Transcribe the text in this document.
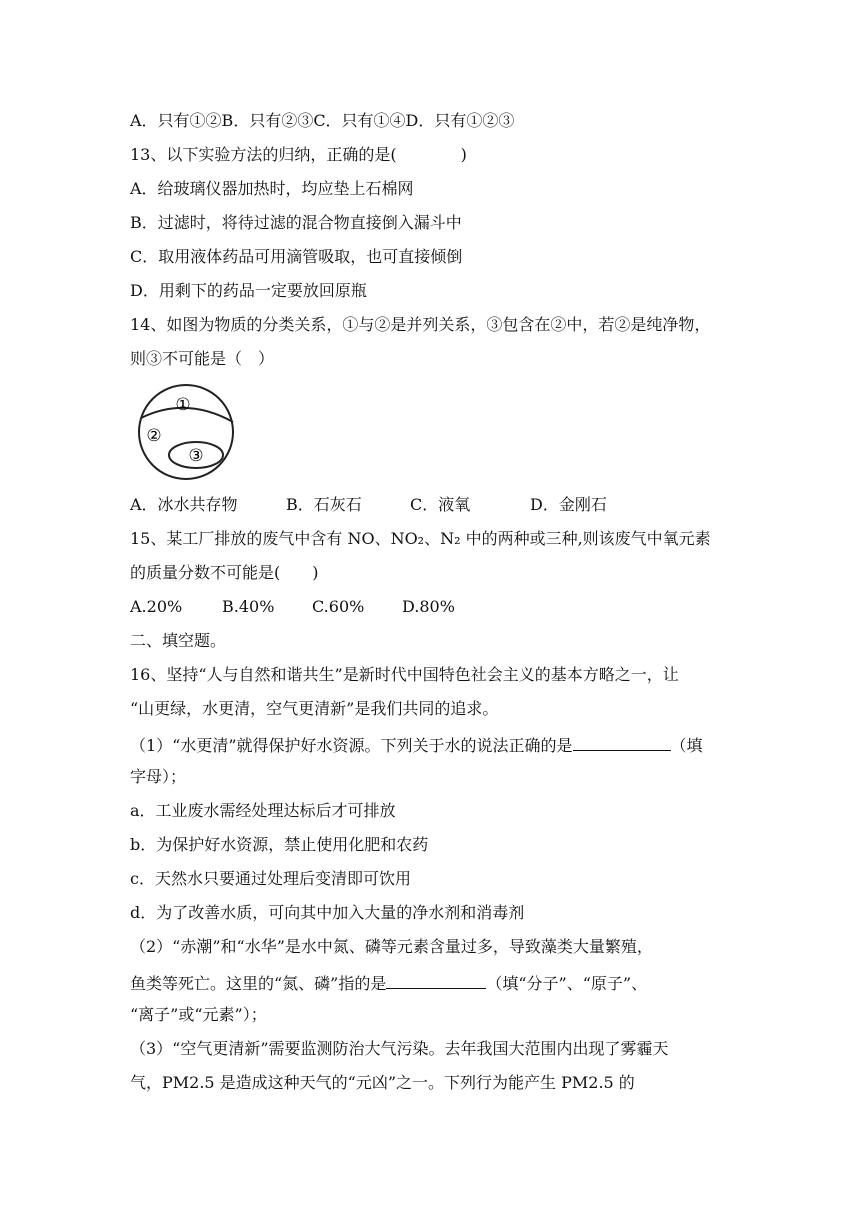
A．只有①②B．只有②③C．只有①④D．只有①②③
13、以下实验方法的归纳，正确的是(　　　　)
A．给玻璃仪器加热时，均应垫上石棉网
B．过滤时，将待过滤的混合物直接倒入漏斗中
C．取用液体药品可用滴管吸取，也可直接倾倒
D．用剩下的药品一定要放回原瓶
14、如图为物质的分类关系，①与②是并列关系，③包含在②中，若②是纯净物，
则③不可能是（　）
①
②
③
A．冰水共存物	B．石灰石	C．液氧	D．金刚石
15、某工厂排放的废气中含有 NO、NO₂、N₂ 中的两种或三种,则该废气中氧元素
的质量分数不可能是(　　)
A.20% B.40% C.60% D.80%
二、填空题。
16、坚持“人与自然和谐共生”是新时代中国特色社会主义的基本方略之一，让
“山更绿，水更清，空气更清新”是我们共同的追求。
（1）“水更清”就得保护好水资源。下列关于水的说法正确的是	（填
字母）；
a．工业废水需经处理达标后才可排放
b．为保护好水资源，禁止使用化肥和农药
c．天然水只要通过处理后变清即可饮用
d．为了改善水质，可向其中加入大量的净水剂和消毒剂
（2）“赤潮”和“水华”是水中氮、磷等元素含量过多，导致藻类大量繁殖，
鱼类等死亡。这里的“氮、磷”指的是	（填“分子”、“原子”、
“离子”或“元素”）；
（3）“空气更清新”需要监测防治大气污染。去年我国大范围内出现了雾霾天
气，PM2.5 是造成这种天气的“元凶”之一。下列行为能产生 PM2.5 的
